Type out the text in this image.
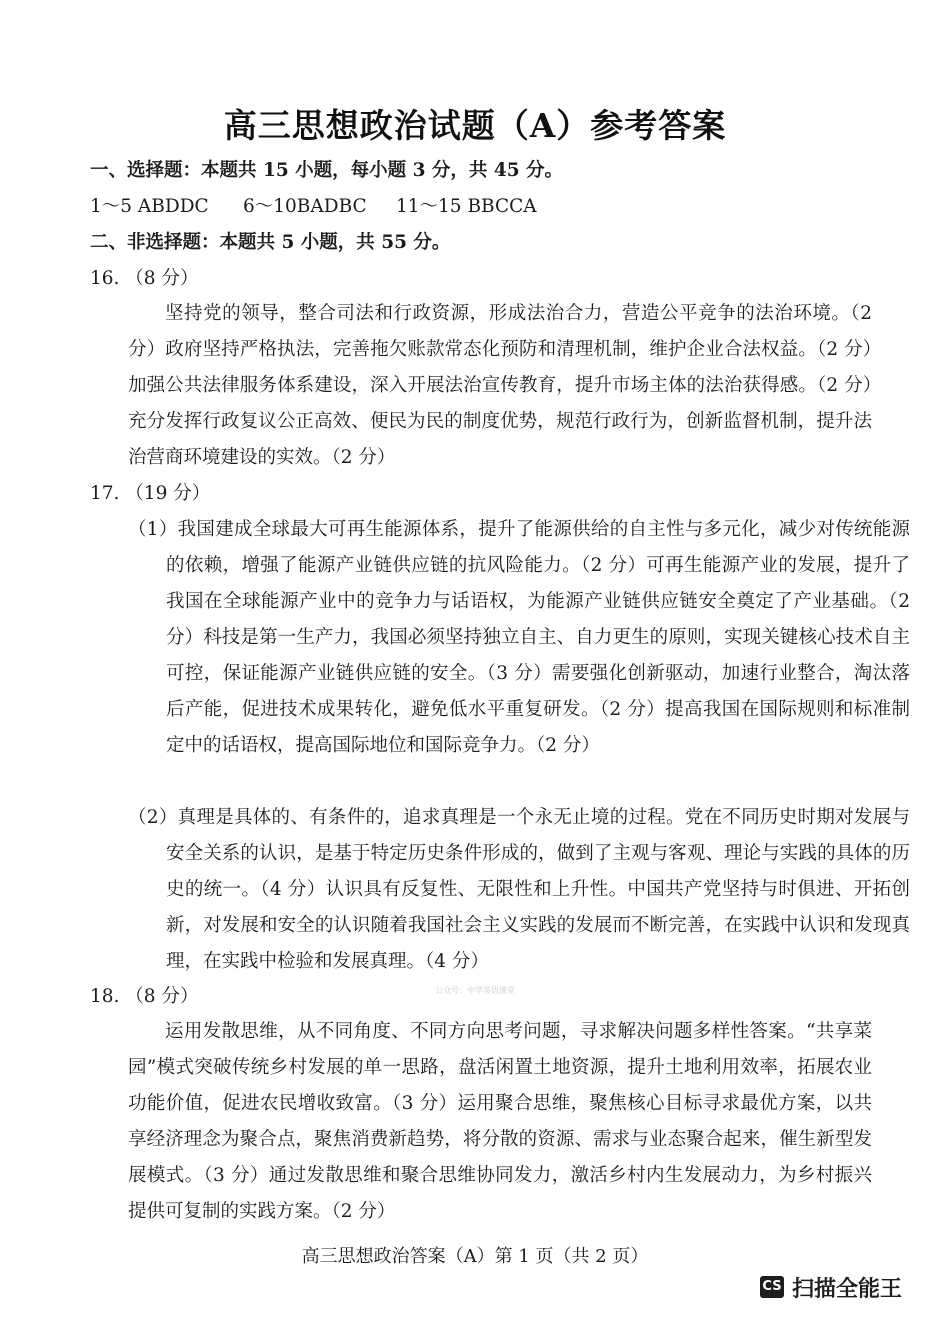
高三思想政治试题（A）参考答案
一、选择题：本题共 15 小题，每小题 3 分，共 45 分。
1～5 ABDDC 6～10BADBC 11～15 BBCCA
二、非选择题：本题共 5 小题，共 55 分。
16. （8 分）
坚持党的领导，整合司法和行政资源，形成法治合力，营造公平竞争的法治环境。（2 分）政府坚持严格执法，完善拖欠账款常态化预防和清理机制，维护企业合法权益。（2 分）加强公共法律服务体系建设，深入开展法治宣传教育，提升市场主体的法治获得感。（2 分）充分发挥行政复议公正高效、便民为民的制度优势，规范行政行为，创新监督机制，提升法治营商环境建设的实效。（2 分）
17. （19 分）
（1）我国建成全球最大可再生能源体系，提升了能源供给的自主性与多元化，减少对传统能源的依赖，增强了能源产业链供应链的抗风险能力。（2 分）可再生能源产业的发展，提升了我国在全球能源产业中的竞争力与话语权，为能源产业链供应链安全奠定了产业基础。（2 分）科技是第一生产力，我国必须坚持独立自主、自力更生的原则，实现关键核心技术自主可控，保证能源产业链供应链的安全。（3 分）需要强化创新驱动，加速行业整合，淘汰落后产能，促进技术成果转化，避免低水平重复研发。（2 分）提高我国在国际规则和标准制定中的话语权，提高国际地位和国际竞争力。（2 分）
（2）真理是具体的、有条件的，追求真理是一个永无止境的过程。党在不同历史时期对发展与安全关系的认识，是基于特定历史条件形成的，做到了主观与客观、理论与实践的具体的历史的统一。（4 分）认识具有反复性、无限性和上升性。中国共产党坚持与时俱进、开拓创新，对发展和安全的认识随着我国社会主义实践的发展而不断完善，在实践中认识和发现真理，在实践中检验和发展真理。（4 分）
公众号：中学英语课堂
18. （8 分）
运用发散思维，从不同角度、不同方向思考问题，寻求解决问题多样性答案。“共享菜园”模式突破传统乡村发展的单一思路，盘活闲置土地资源，提升土地利用效率，拓展农业功能价值，促进农民增收致富。（3 分）运用聚合思维，聚焦核心目标寻求最优方案，以共享经济理念为聚合点，聚焦消费新趋势，将分散的资源、需求与业态聚合起来，催生新型发展模式。（3 分）通过发散思维和聚合思维协同发力，激活乡村内生发展动力，为乡村振兴提供可复制的实践方案。（2 分）
高三思想政治答案（A）第 1 页（共 2 页）
CS 扫描全能王
